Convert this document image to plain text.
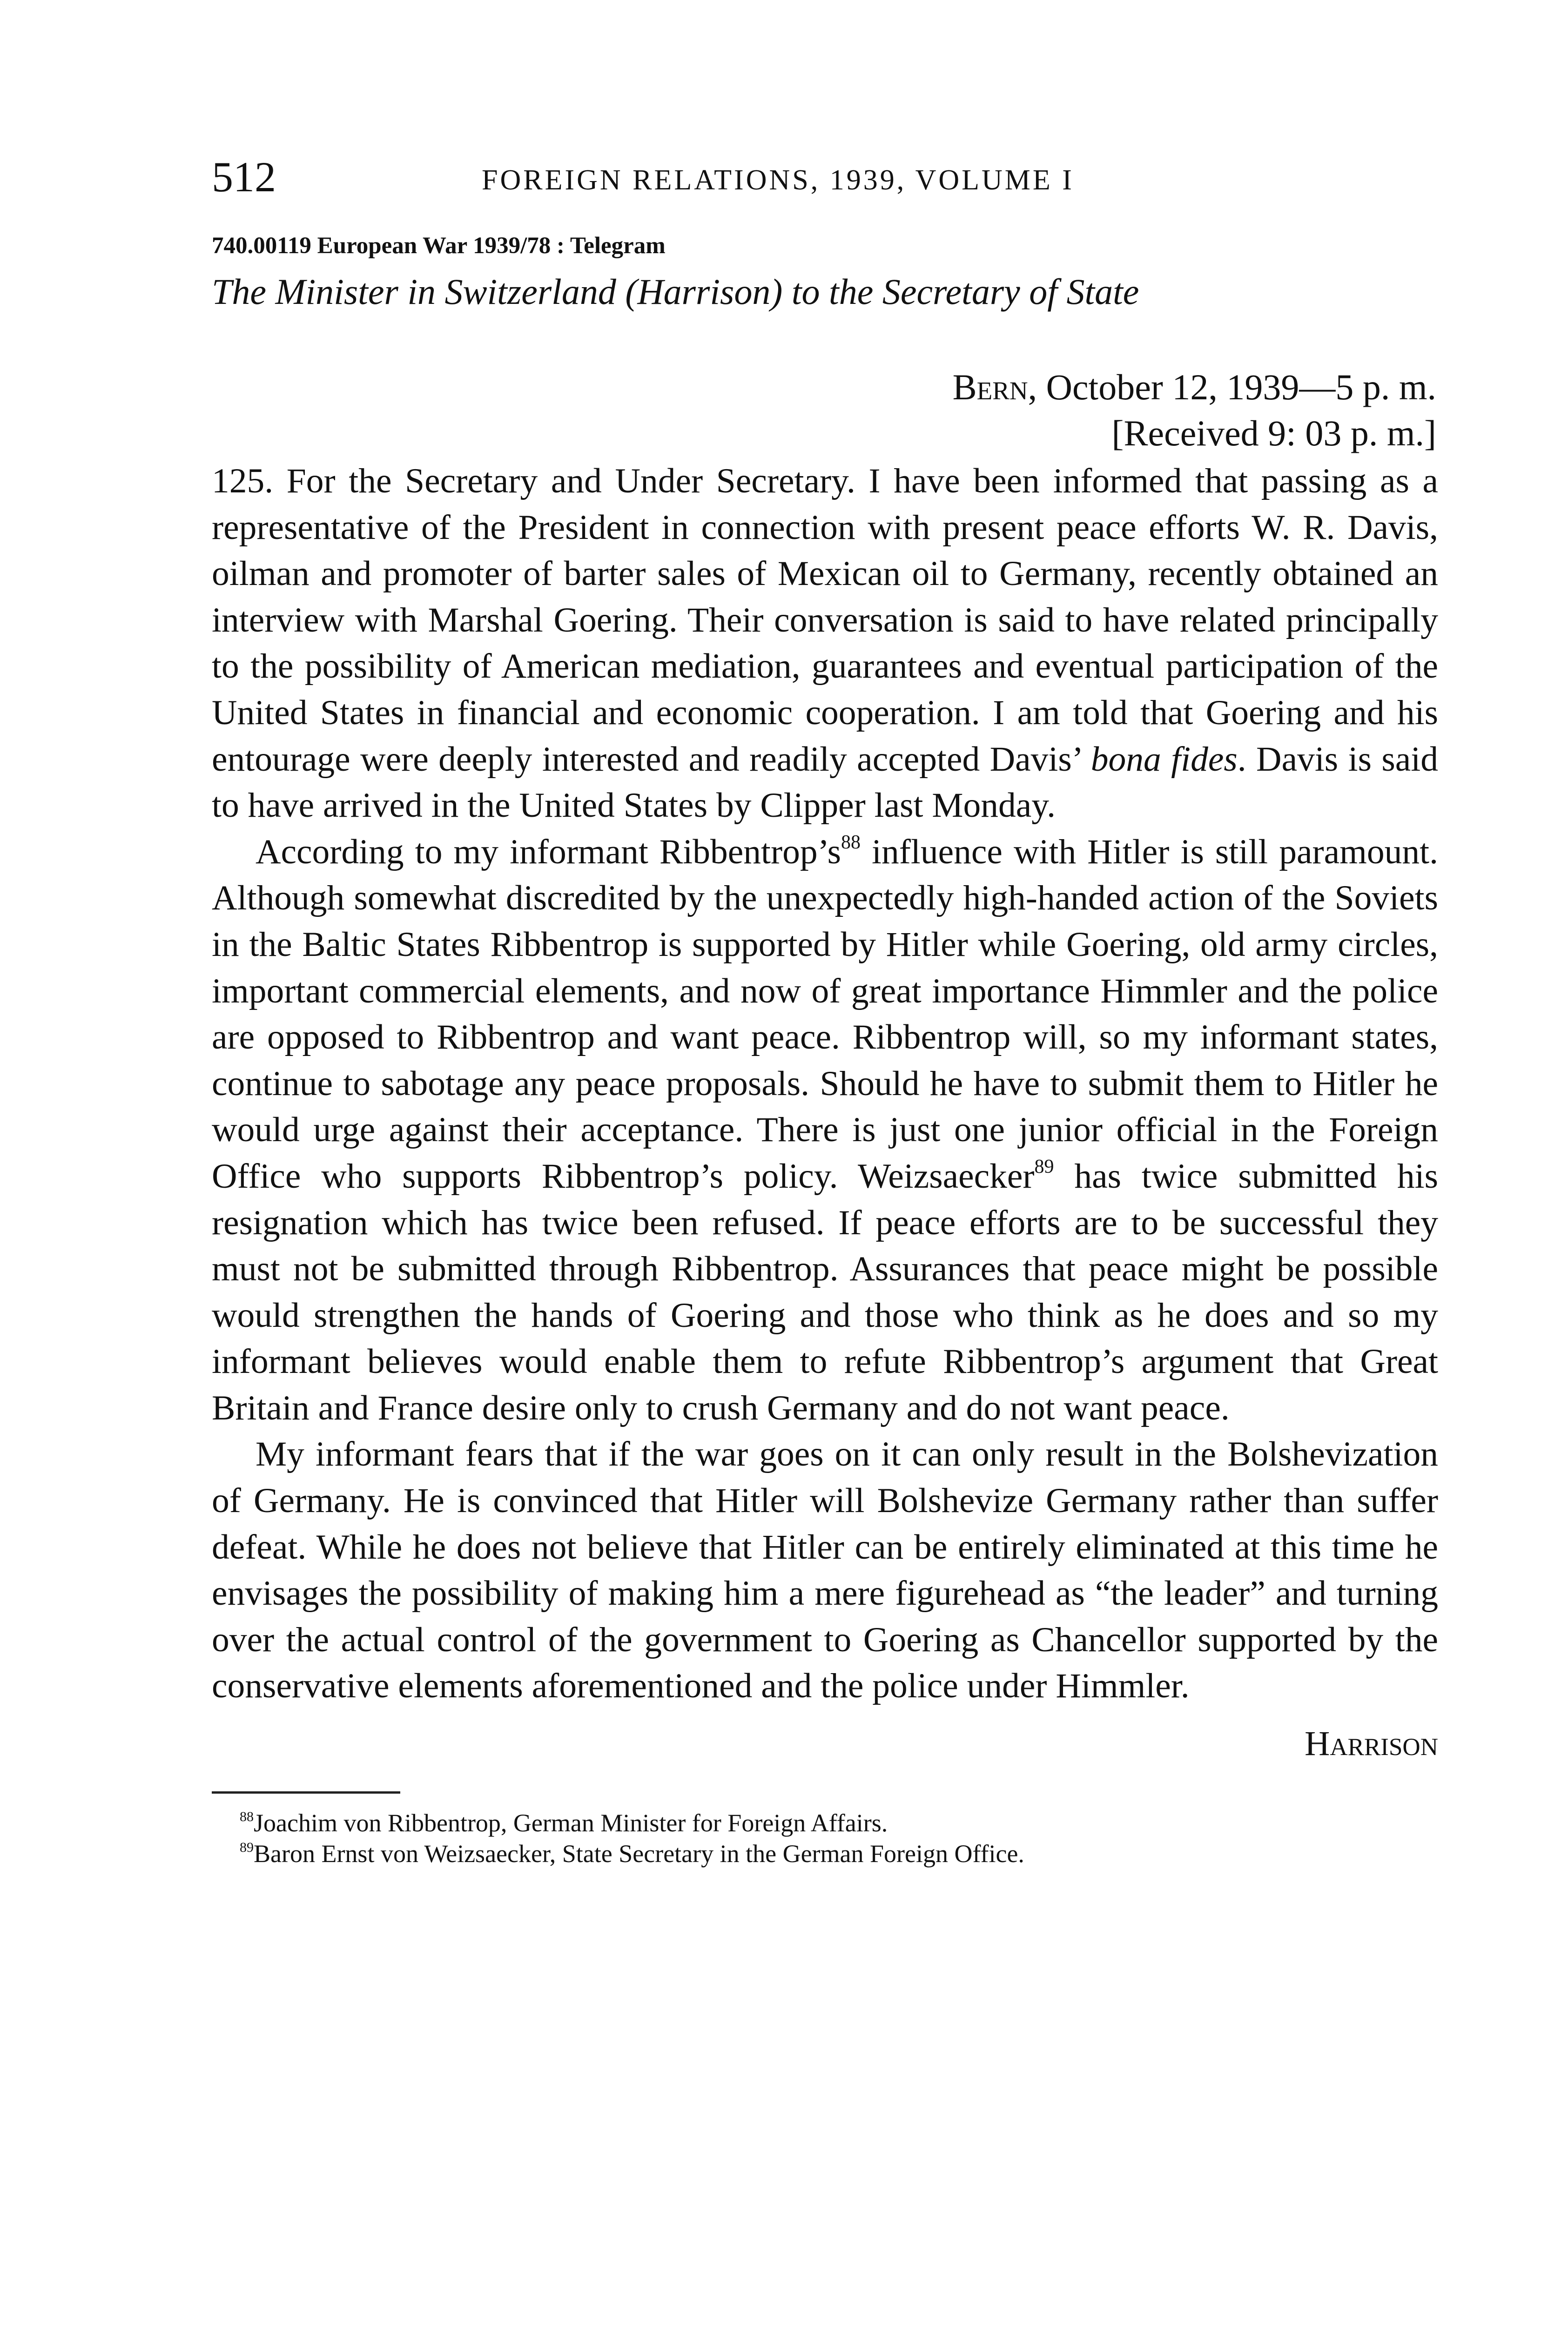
512	FOREIGN RELATIONS, 1939, VOLUME I
740.00119 European War 1939/78 : Telegram
The Minister in Switzerland (Harrison) to the Secretary of State
Bern, October 12, 1939—5 p. m.
[Received 9: 03 p. m.]

125. For the Secretary and Under Secretary. I have been informed that passing as a representative of the President in connection with present peace efforts W. R. Davis, oilman and promoter of barter sales of Mexican oil to Germany, recently obtained an interview with Marshal Goering. Their conversation is said to have related principally to the possibility of American mediation, guarantees and eventual participation of the United States in financial and economic cooperation. I am told that Goering and his entourage were deeply interested and readily accepted Davis’ bona fides. Davis is said to have arrived in the United States by Clipper last Monday.

According to my informant Ribbentrop’s$^{88}$ influence with Hitler is still paramount. Although somewhat discredited by the unexpectedly high-handed action of the Soviets in the Baltic States Ribbentrop is supported by Hitler while Goering, old army circles, important commercial elements, and now of great importance Himmler and the police are opposed to Ribbentrop and want peace. Ribbentrop will, so my informant states, continue to sabotage any peace proposals. Should he have to submit them to Hitler he would urge against their acceptance. There is just one junior official in the Foreign Office who supports Ribbentrop’s policy. Weizsaecker$^{89}$ has twice submitted his resignation which has twice been refused. If peace efforts are to be successful they must not be submitted through Ribbentrop. Assurances that peace might be possible would strengthen the hands of Goering and those who think as he does and so my informant believes would enable them to refute Ribbentrop’s argument that Great Britain and France desire only to crush Germany and do not want peace.

My informant fears that if the war goes on it can only result in the Bolshevization of Germany. He is convinced that Hitler will Bolshevize Germany rather than suffer defeat. While he does not believe that Hitler can be entirely eliminated at this time he envisages the possibility of making him a mere figurehead as “the leader” and turning over the actual control of the government to Goering as Chancellor supported by the conservative elements aforementioned and the police under Himmler.

Harrison
$^{88}$Joachim von Ribbentrop, German Minister for Foreign Affairs.
$^{89}$Baron Ernst von Weizsaecker, State Secretary in the German Foreign Office.
